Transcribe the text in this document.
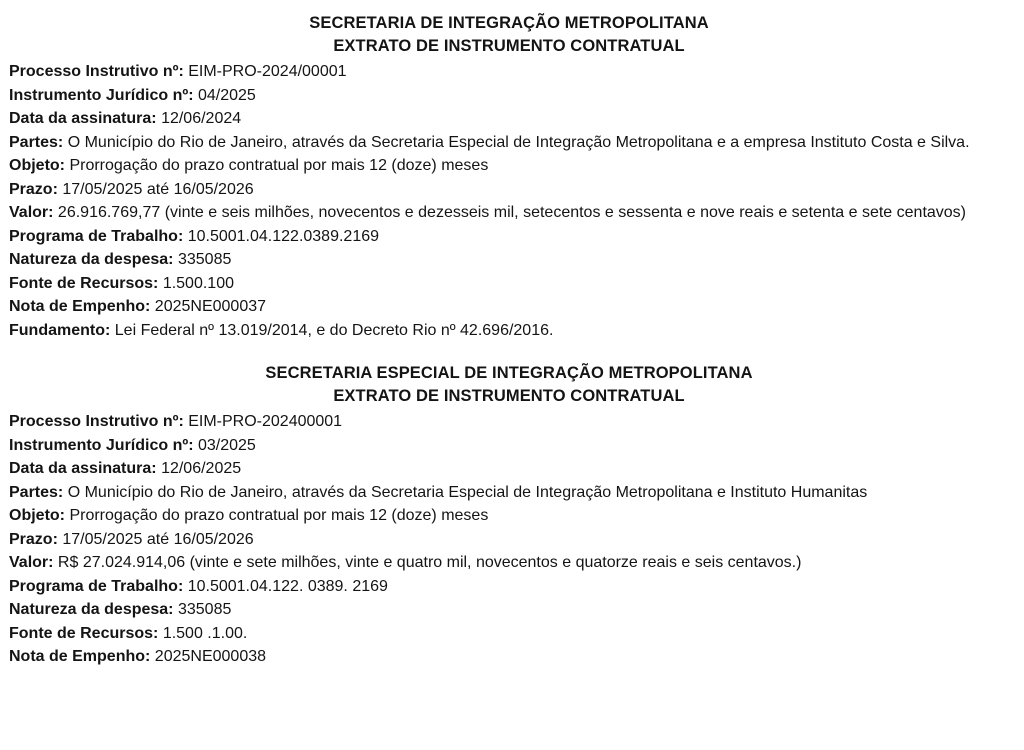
SECRETARIA DE INTEGRAÇÃO METROPOLITANA
EXTRATO DE INSTRUMENTO CONTRATUAL
Processo Instrutivo nº: EIM-PRO-2024/00001
Instrumento Jurídico nº: 04/2025
Data da assinatura: 12/06/2024
Partes: O Município do Rio de Janeiro, através da Secretaria Especial de Integração Metropolitana e a empresa Instituto Costa e Silva.
Objeto: Prorrogação do prazo contratual por mais 12 (doze) meses
Prazo: 17/05/2025 até 16/05/2026
Valor: 26.916.769,77 (vinte e seis milhões, novecentos e dezesseis mil, setecentos e sessenta e nove reais e setenta e sete centavos)
Programa de Trabalho: 10.5001.04.122.0389.2169
Natureza da despesa: 335085
Fonte de Recursos: 1.500.100
Nota de Empenho: 2025NE000037
Fundamento: Lei Federal nº 13.019/2014, e do Decreto Rio nº 42.696/2016.
SECRETARIA ESPECIAL DE INTEGRAÇÃO METROPOLITANA
EXTRATO DE INSTRUMENTO CONTRATUAL
Processo Instrutivo nº: EIM-PRO-202400001
Instrumento Jurídico nº: 03/2025
Data da assinatura: 12/06/2025
Partes: O Município do Rio de Janeiro, através da Secretaria Especial de Integração Metropolitana e Instituto Humanitas
Objeto: Prorrogação do prazo contratual por mais 12 (doze) meses
Prazo: 17/05/2025 até 16/05/2026
Valor: R$ 27.024.914,06 (vinte e sete milhões, vinte e quatro mil, novecentos e quatorze reais e seis centavos.)
Programa de Trabalho: 10.5001.04.122. 0389. 2169
Natureza da despesa: 335085
Fonte de Recursos: 1.500 .1.00.
Nota de Empenho: 2025NE000038
